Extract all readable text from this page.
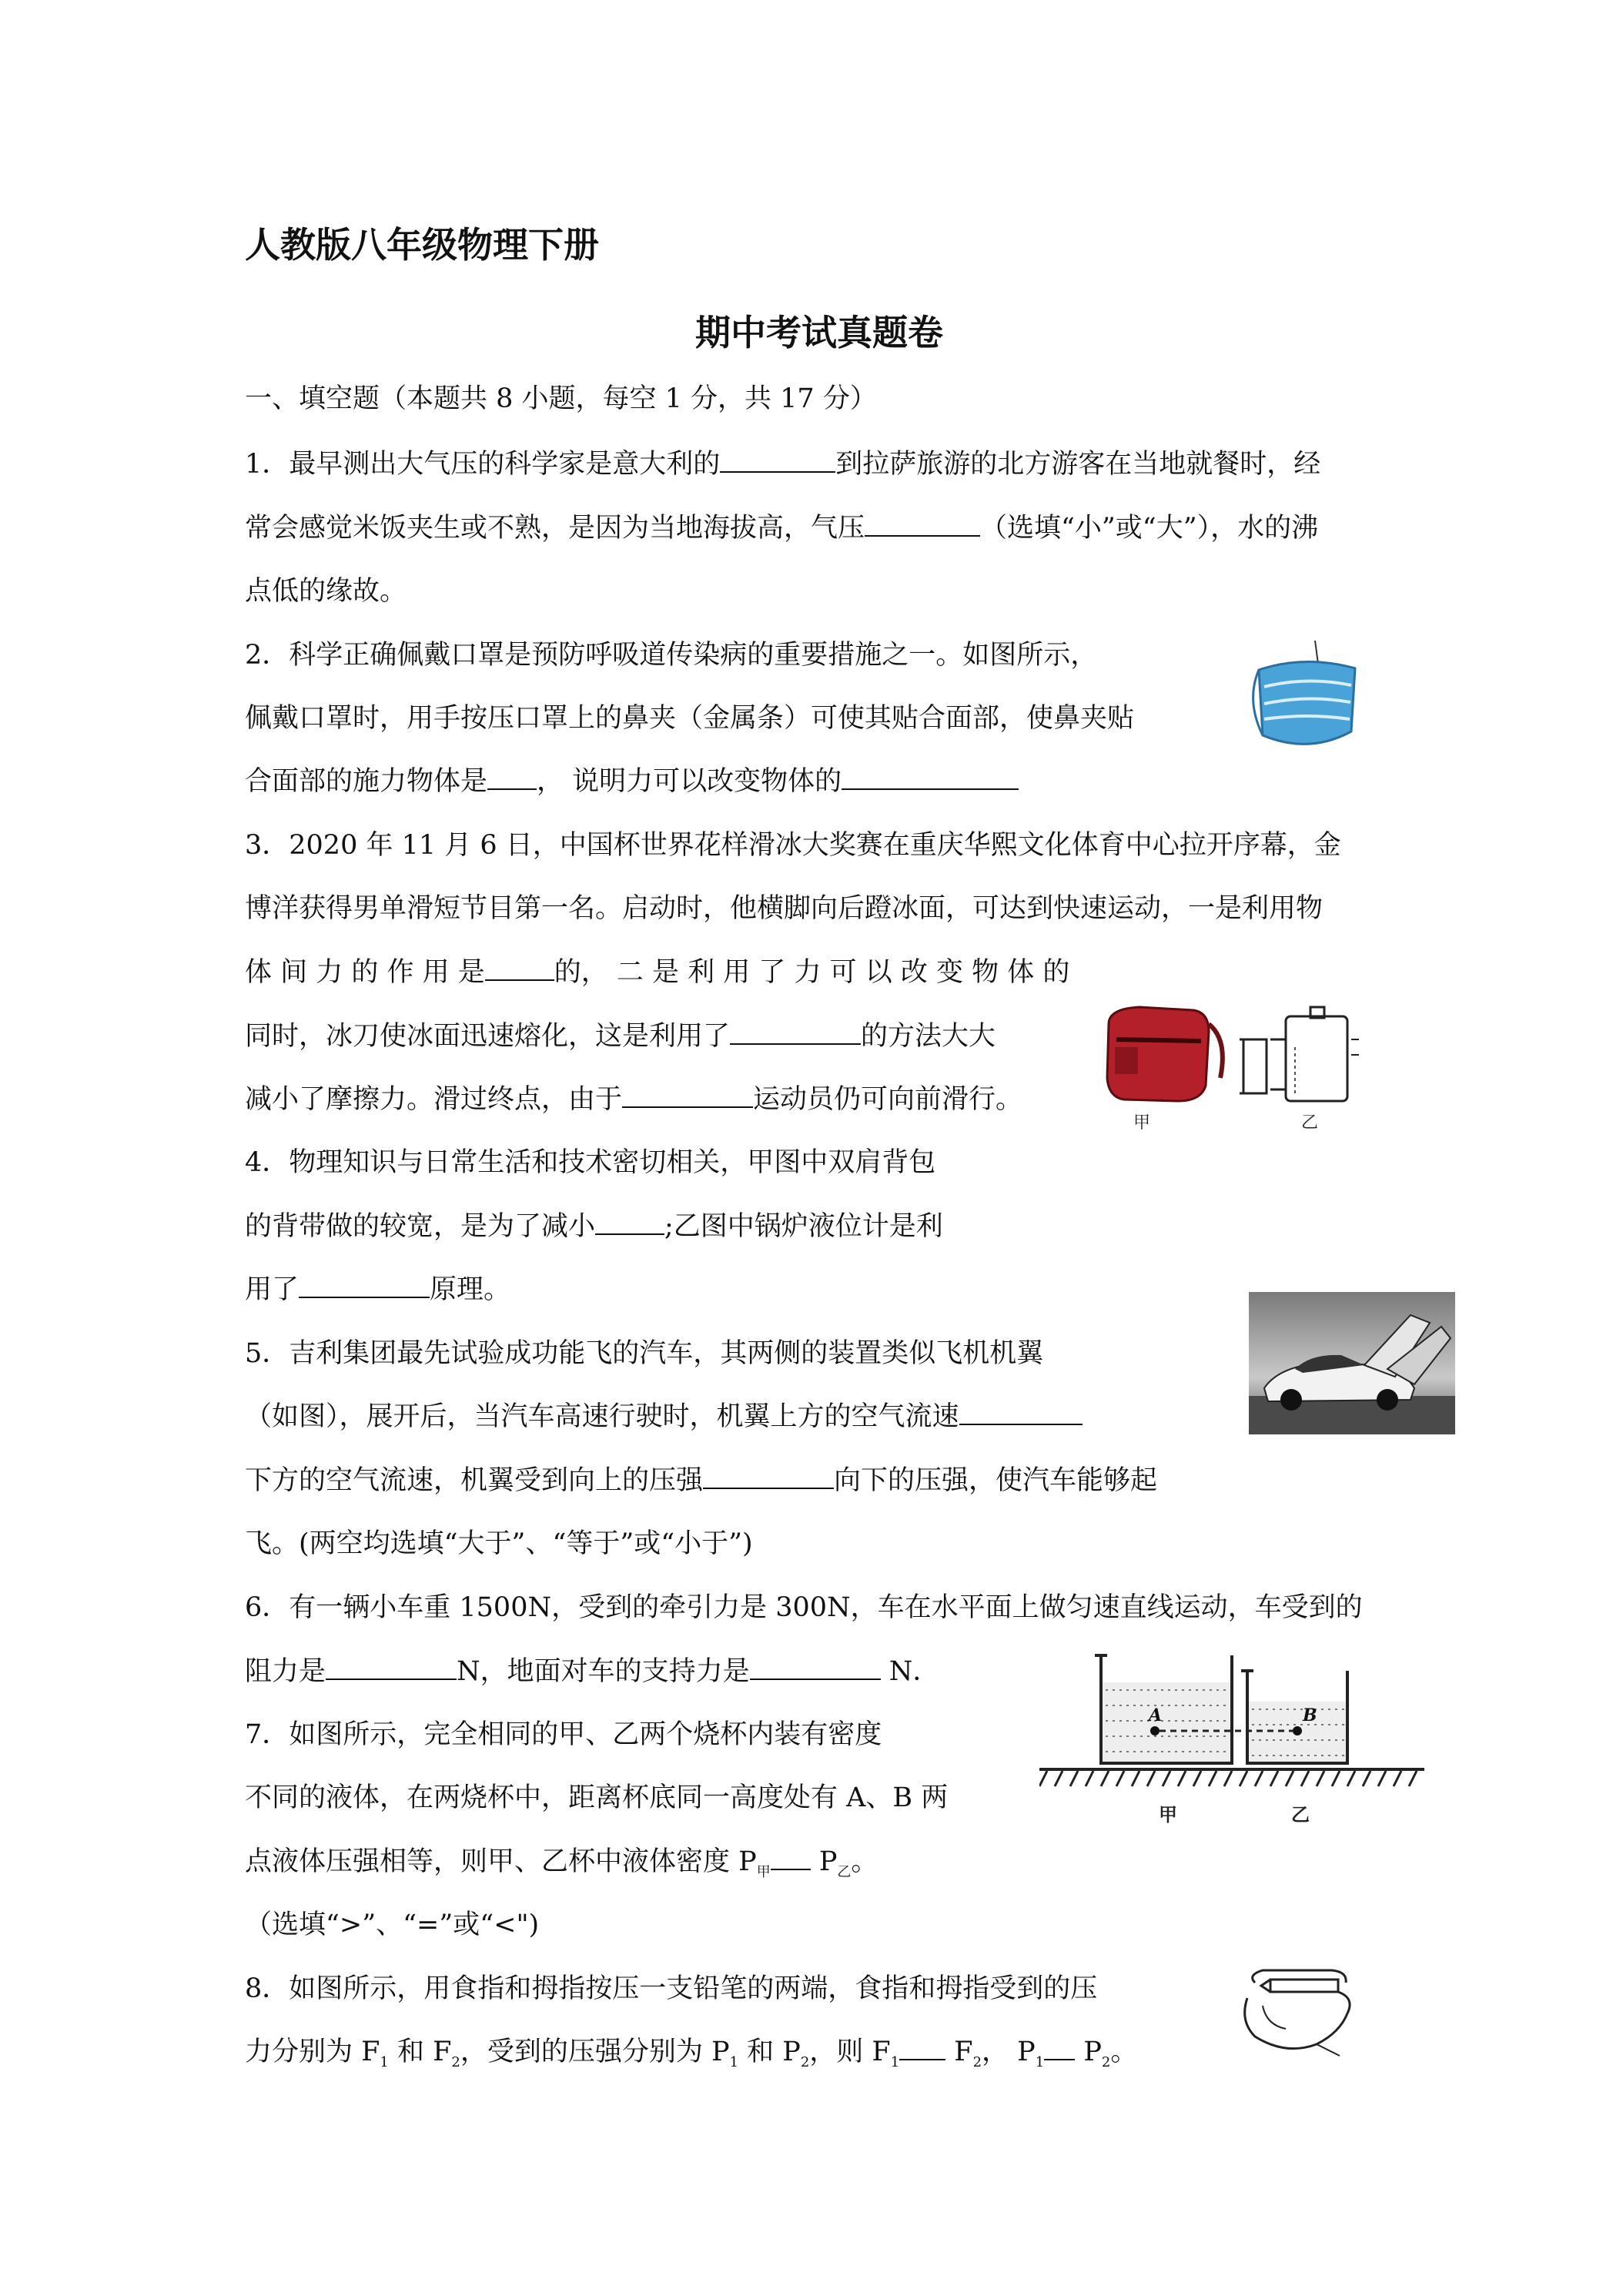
人教版八年级物理下册
期中考试真题卷
一、填空题（本题共 8 小题，每空 1 分，共 17 分）
1．最早测出大气压的科学家是意大利的	到拉萨旅游的北方游客在当地就餐时，经
常会感觉米饭夹生或不熟，是因为当地海拔高，气压	（选填“小”或“大”），水的沸
点低的缘故。
2．科学正确佩戴口罩是预防呼吸道传染病的重要措施之一。如图所示，
佩戴口罩时，用手按压口罩上的鼻夹（金属条）可使其贴合面部，使鼻夹贴
合面部的施力物体是 ， 说明力可以改变物体的
3．2020 年 11 月 6 日，中国杯世界花样滑冰大奖赛在重庆华熙文化体育中心拉开序幕，金
博洋获得男单滑短节目第一名。启动时，他横脚向后蹬冰面，可达到快速运动，一是利用物
体 间 力 的 作 用 是	的， 二 是 利 用 了 力 可 以 改 变 物 体 的
同时，冰刀使冰面迅速熔化，这是利用了	的方法大大
减小了摩擦力。滑过终点，由于	运动员仍可向前滑行。
甲	乙
4．物理知识与日常生活和技术密切相关，甲图中双肩背包
的背带做的较宽，是为了减小	;乙图中锅炉液位计是利
用了	原理。
5．吉利集团最先试验成功能飞的汽车，其两侧的装置类似飞机机翼
（如图），展开后，当汽车高速行驶时，机翼上方的空气流速
下方的空气流速，机翼受到向上的压强	向下的压强，使汽车能够起
飞。(两空均选填“大于”、“等于”或“小于”)
6．有一辆小车重 1500N，受到的牵引力是 300N，车在水平面上做匀速直线运动，车受到的
阻力是	N，地面对车的支持力是	N．
A	B
甲	乙
7．如图所示，完全相同的甲、乙两个烧杯内装有密度
不同的液体，在两烧杯中，距离杯底同一高度处有 A、B 两
点液体压强相等，则甲、乙杯中液体密度 $P_甲$ $P_乙$。
（选填“>”、“=”或“<")
8．如图所示，用食指和拇指按压一支铅笔的两端，食指和拇指受到的压
力分别为 $F_1$ 和 $F_2$，受到的压强分别为 $P_1$ 和 $P_2$，则 $F_1$ $F_2$， $P_1$ $P_2$。
